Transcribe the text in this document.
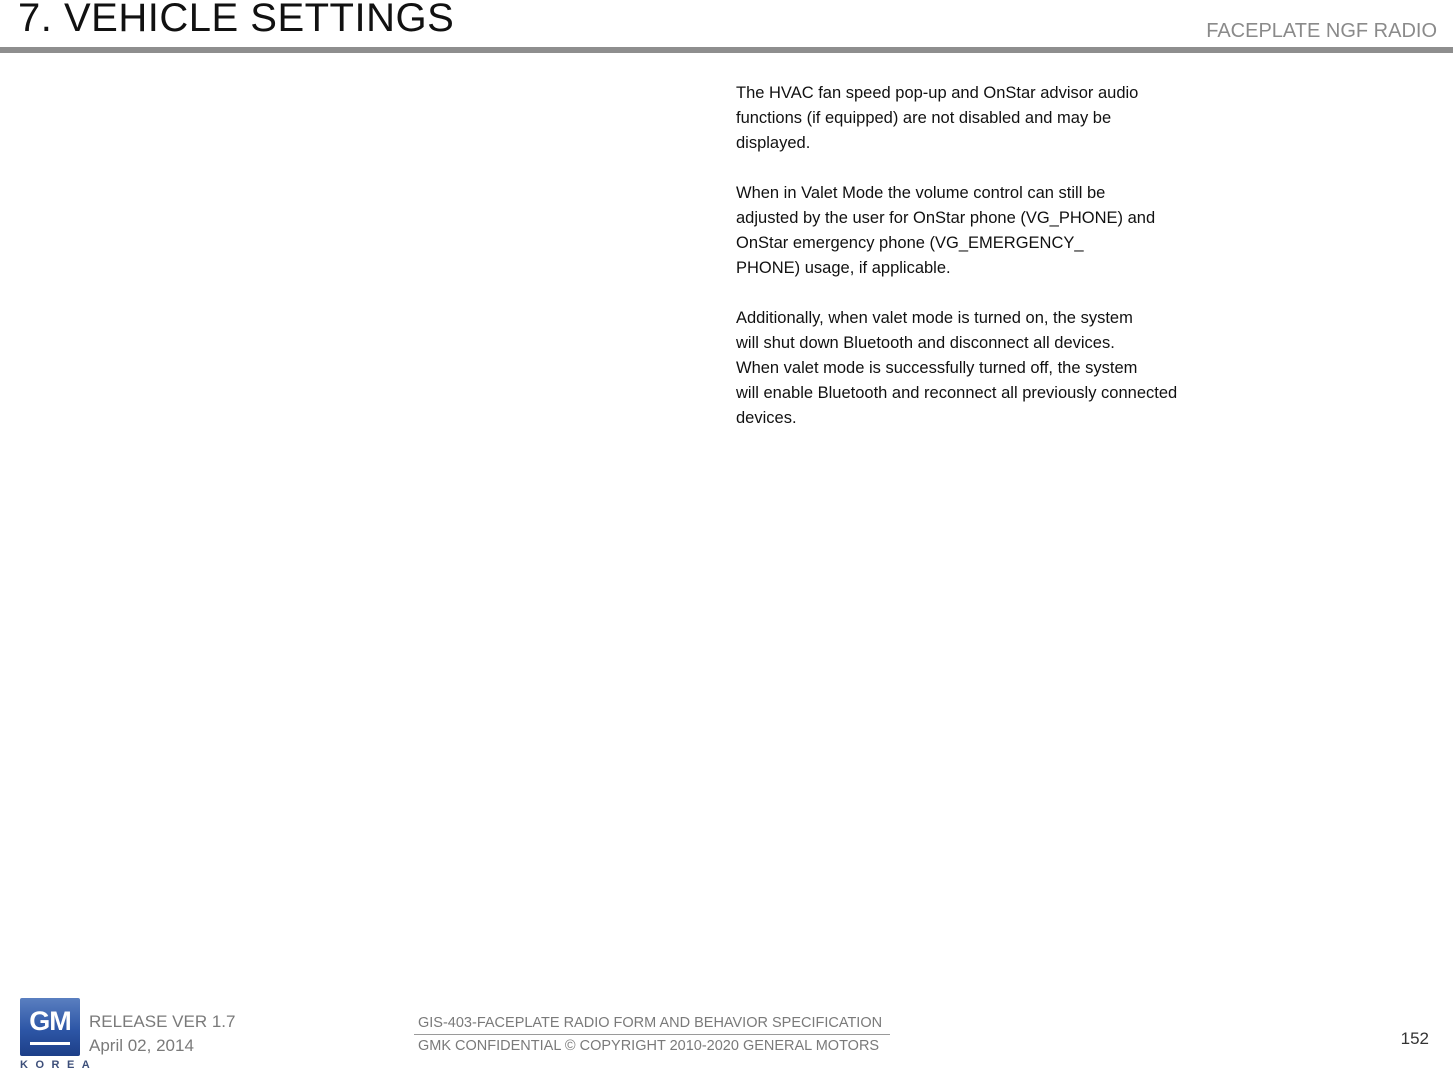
7. VEHICLE SETTINGS	FACEPLATE NGF RADIO

The HVAC fan speed pop-up and OnStar advisor audio
functions (if equipped) are not disabled and may be
displayed.

When in Valet Mode the volume control can still be
adjusted by the user for OnStar phone (VG_PHONE) and
OnStar emergency phone (VG_EMERGENCY_
PHONE) usage, if applicable.

Additionally, when valet mode is turned on, the system
will shut down Bluetooth and disconnect all devices.
When valet mode is successfully turned off, the system
will enable Bluetooth and reconnect all previously connected
devices.

GM
KOREA
RELEASE VER 1.7
April 02, 2014
GIS-403-FACEPLATE RADIO FORM AND BEHAVIOR SPECIFICATION
GMK CONFIDENTIAL © COPYRIGHT 2010-2020 GENERAL MOTORS	152
